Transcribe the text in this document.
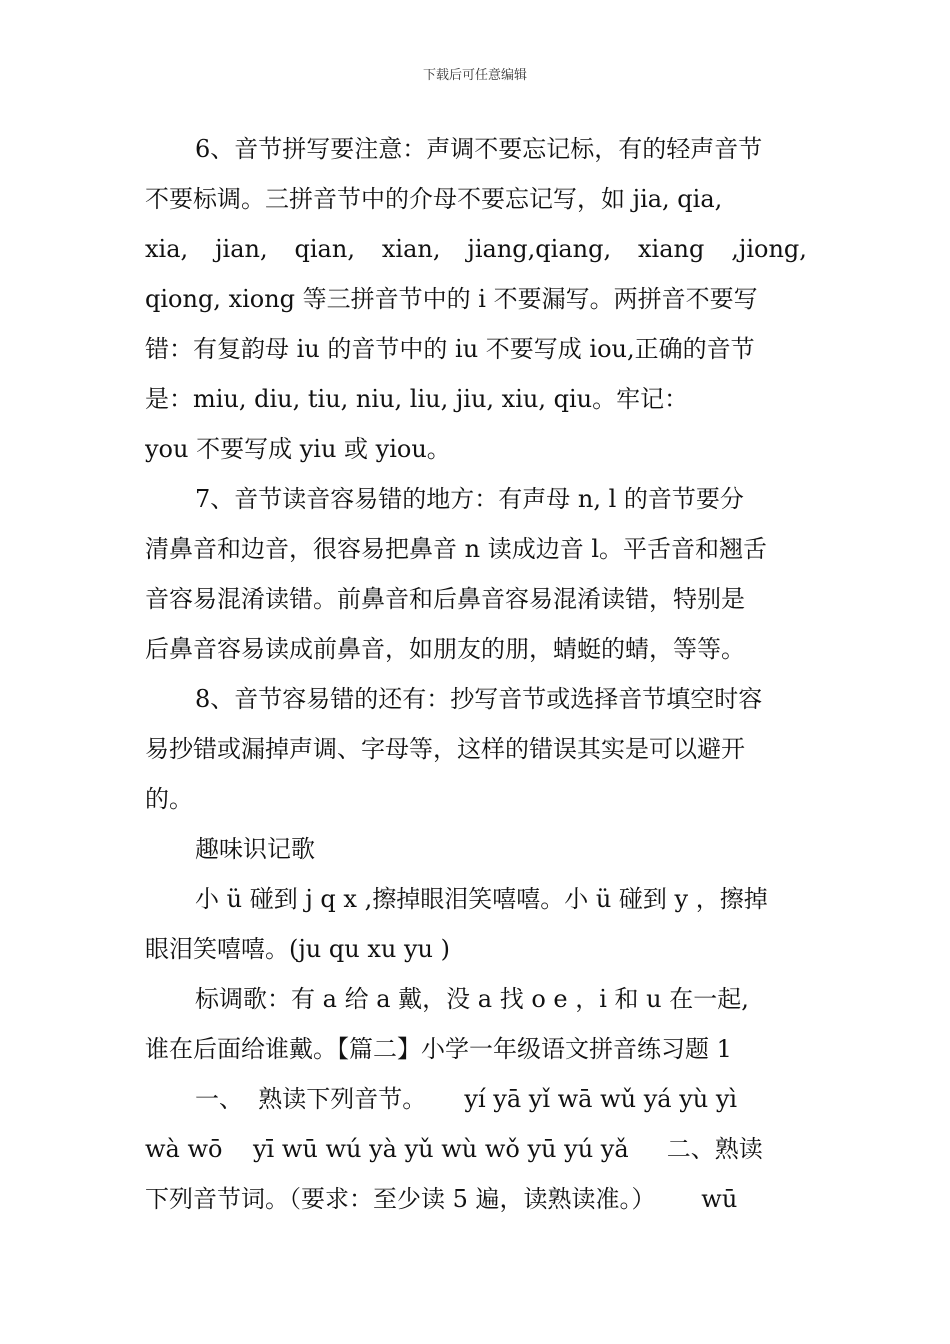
下载后可任意编辑
6、音节拼写要注意：声调不要忘记标，有的轻声音节
不要标调。三拼音节中的介母不要忘记写，如 jia, qia,
xia, jian, qian, xian, jiang,qiang, xiang ,jiong,
qiong, xiong 等三拼音节中的 i 不要漏写。两拼音不要写
错：有复韵母 iu 的音节中的 iu 不要写成 iou,正确的音节
是：miu, diu, tiu, niu, liu, jiu, xiu, qiu。牢记：
you 不要写成 yiu 或 yiou。
7、音节读音容易错的地方：有声母 n, l 的音节要分
清鼻音和边音，很容易把鼻音 n 读成边音 l。平舌音和翘舌
音容易混淆读错。前鼻音和后鼻音容易混淆读错，特别是
后鼻音容易读成前鼻音，如朋友的朋，蜻蜓的蜻，等等。
8、音节容易错的还有：抄写音节或选择音节填空时容
易抄错或漏掉声调、字母等，这样的错误其实是可以避开
的。
趣味识记歌
小 ü 碰到 j q x ,擦掉眼泪笑嘻嘻。小 ü 碰到 y ，擦掉
眼泪笑嘻嘻。(ju qu xu yu )
标调歌：有 a 给 a 戴，没 a 找 o e ，i 和 u 在一起,
谁在后面给谁戴。【篇二】小学一年级语文拼音练习题 1
一、  熟读下列音节。     yí yā yǐ wā wǔ yá yù yì
wà wō    yī wū wú yà yǔ wù wǒ yū yú yǎ     二、熟读
下列音节词。（要求：至少读 5 遍，读熟读准。）      wū
